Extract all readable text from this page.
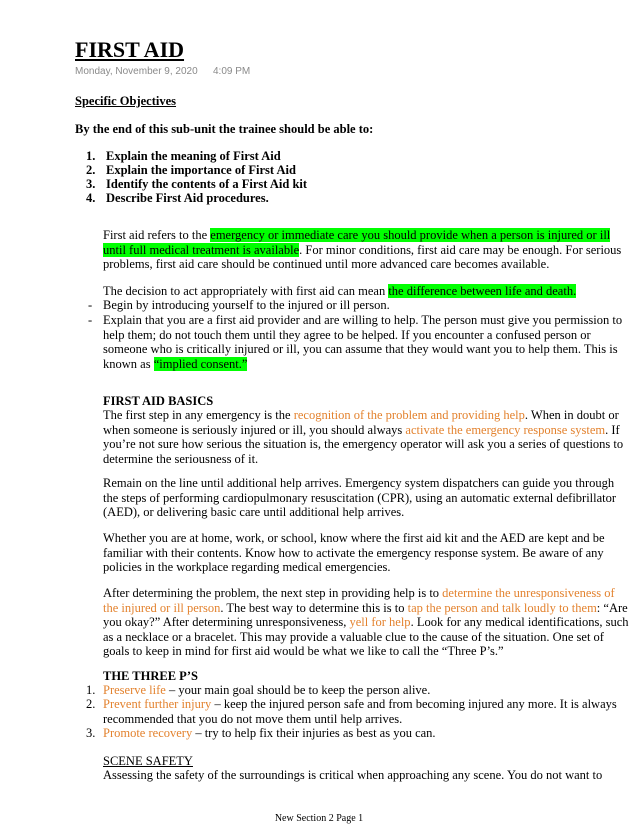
FIRST AID
Monday, November 9, 2020 4:09 PM
Specific Objectives
By the end of this sub-unit the trainee should be able to:
1. Explain the meaning of First Aid
2. Explain the importance of First Aid
3. Identify the contents of a First Aid kit
4. Describe First Aid procedures.
First aid refers to the emergency or immediate care you should provide when a person is injured or ill until full medical treatment is available. For minor conditions, first aid care may be enough. For serious problems, first aid care should be continued until more advanced care becomes available.
The decision to act appropriately with first aid can mean the difference between life and death.
- Begin by introducing yourself to the injured or ill person.
- Explain that you are a first aid provider and are willing to help. The person must give you permission to help them; do not touch them until they agree to be helped. If you encounter a confused person or someone who is critically injured or ill, you can assume that they would want you to help them. This is known as “implied consent.”
FIRST AID BASICS
The first step in any emergency is the recognition of the problem and providing help. When in doubt or when someone is seriously injured or ill, you should always activate the emergency response system. If you’re not sure how serious the situation is, the emergency operator will ask you a series of questions to determine the seriousness of it.
Remain on the line until additional help arrives. Emergency system dispatchers can guide you through the steps of performing cardiopulmonary resuscitation (CPR), using an automatic external defibrillator (AED), or delivering basic care until additional help arrives.
Whether you are at home, work, or school, know where the first aid kit and the AED are kept and be familiar with their contents. Know how to activate the emergency response system. Be aware of any policies in the workplace regarding medical emergencies.
After determining the problem, the next step in providing help is to determine the unresponsiveness of the injured or ill person. The best way to determine this is to tap the person and talk loudly to them: “Are you okay?” After determining unresponsiveness, yell for help. Look for any medical identifications, such as a necklace or a bracelet. This may provide a valuable clue to the cause of the situation. One set of goals to keep in mind for first aid would be what we like to call the “Three P’s.”
THE THREE P’S
1. Preserve life – your main goal should be to keep the person alive.
2. Prevent further injury – keep the injured person safe and from becoming injured any more. It is always recommended that you do not move them until help arrives.
3. Promote recovery – try to help fix their injuries as best as you can.
SCENE SAFETY
Assessing the safety of the surroundings is critical when approaching any scene. You do not want to
New Section 2 Page 1
